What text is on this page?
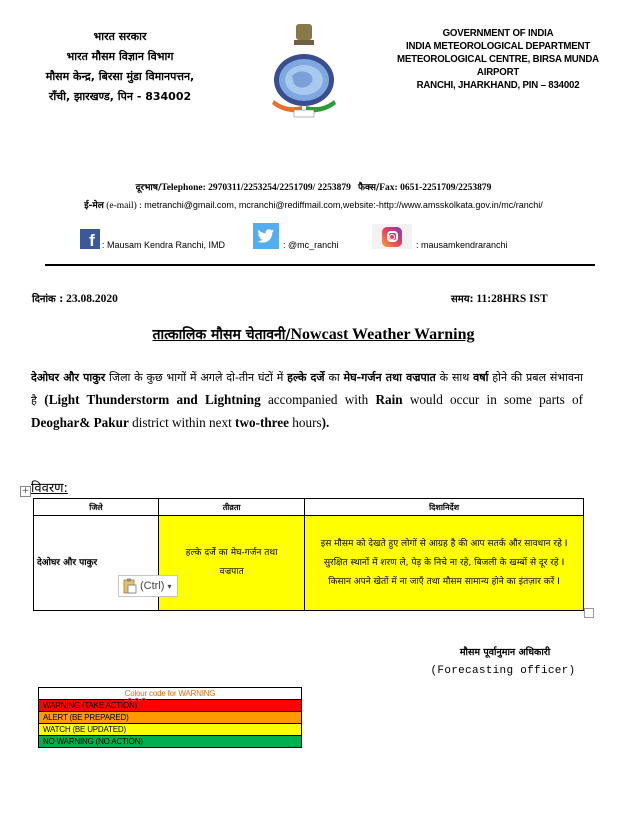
भारत सरकार
भारत मौसम विज्ञान विभाग
मौसम केन्द्र, बिरसा मुंडा विमानपत्तन,
राँची, झारखण्ड, पिन - 834002
GOVERNMENT OF INDIA
INDIA METEOROLOGICAL DEPARTMENT
METEOROLOGICAL CENTRE, BIRSA MUNDA AIRPORT
RANCHI, JHARKHAND, PIN – 834002
दूरभाष/Telephone: 2970311/2253254/2251709/ 2253879 फैक्स/Fax: 0651-2251709/2253879
ई-मेल (e-mail) : metranchi@gmail.com, mcranchi@rediffmail.com,website:-http://www.amsskolkata.gov.in/mc/ranchi/
f : Mausam Kendra Ranchi, IMD	: @mc_ranchi	: mausamkendraranchi
दिनांक : 23.08.2020	समय: 11:28HRS IST
तात्कालिक मौसम चेतावनी/Nowcast Weather Warning
देओघर और पाकुर जिला के कुछ भागों में अगले दो-तीन घंटों में हल्के दर्जे का मेघ-गर्जन तथा वज्रपात के साथ वर्षा होने की प्रबल संभावना है (Light Thunderstorm and Lightning accompanied with Rain would occur in some parts of Deoghar& Pakur district within next two-three hours).
+ विवरण:
जिले	तीव्रता	दिशानिर्देश
देओघर और पाकुर	हल्के दर्जे का मेघ-गर्जन तथा वज्रपात	इस मौसम को देखते हुए लोगों से आग्रह है की आप सतर्क और सावधान रहे I सुरक्षित स्थानों में शरण ले, पेड़ के निचे ना रहे, बिजली के खम्बों से दूर रहे I किसान अपने खेतों में ना जाएँ तथा मौसम सामान्य होने का इंतज़ार करें I
(Ctrl) ▾
मौसम पूर्वानुमान अधिकारी
(Forecasting officer)
Colour code for WARNING
WARNING (TAKE ACTION)
ALERT (BE PREPARED)
WATCH (BE UPDATED)
NO WARNING (NO ACTION)
